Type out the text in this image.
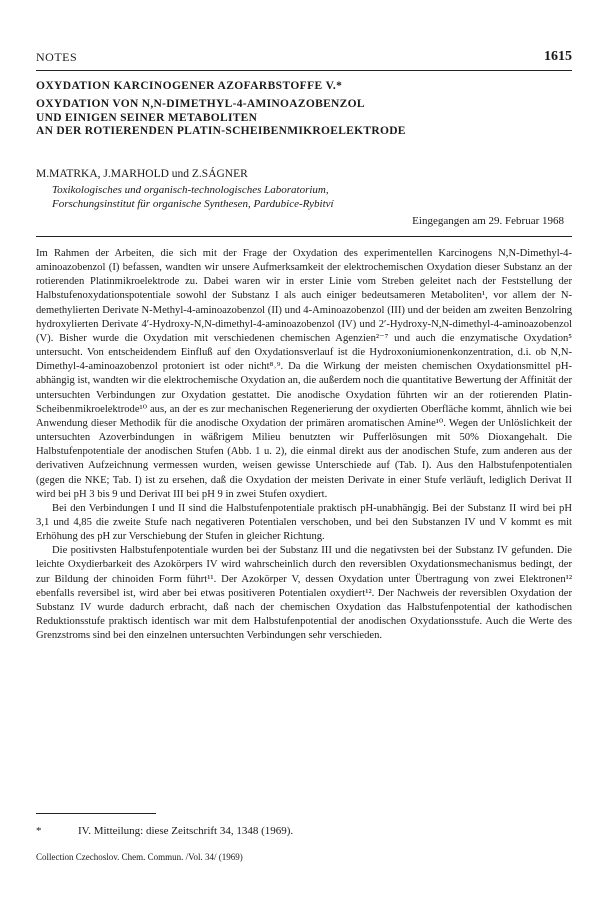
NOTES	1615

OXYDATION KARCINOGENER AZOFARBSTOFFE V.*

OXYDATION VON N,N-DIMETHYL-4-AMINOAZOBENZOL

UND EINIGEN SEINER METABOLITEN

AN DER ROTIERENDEN PLATIN-SCHEIBENMIKROELEKTRODE

M.MATRKA, J.MARHOLD und Z.SÁGNER
Toxikologisches und organisch-technologisches Laboratorium,
Forschungsinstitut für organische Synthesen, Pardubice-Rybitví
Eingegangen am 29. Februar 1968

Im Rahmen der Arbeiten, die sich mit der Frage der Oxydation des experimentellen Karcinogens N,N-Dimethyl-4-aminoazobenzol (I) befassen, wandten wir unsere Aufmerksamkeit der elektrochemischen Oxydation dieser Substanz an der rotierenden Platinmikroelektrode zu. Dabei waren wir in erster Linie vom Streben geleitet nach der Feststellung der Halbstufenoxydationspotentiale sowohl der Substanz I als auch einiger bedeutsameren Metaboliten¹, vor allem der N-demethylierten Derivate N-Methyl-4-aminoazobenzol (II) und 4-Aminoazobenzol (III) und der beiden am zweiten Benzolring hydroxylierten Derivate 4′-Hydroxy-N,N-dimethyl-4-aminoazobenzol (IV) und 2′-Hydroxy-N,N-dimethyl-4-aminoazobenzol (V). Bisher wurde die Oxydation mit verschiedenen chemischen Agenzien²⁻⁷ und auch die enzymatische Oxydation⁵ untersucht. Von entscheidendem Einfluß auf den Oxydationsverlauf ist die Hydroxoniumionenkonzentration, d.i. ob N,N-Dimethyl-4-aminoazobenzol protoniert ist oder nicht⁸˒⁹. Da die Wirkung der meisten chemischen Oxydationsmittel pH-abhängig ist, wandten wir die elektrochemische Oxydation an, die außerdem noch die quantitative Bewertung der Affinität der untersuchten Verbindungen zur Oxydation gestattet. Die anodische Oxydation führten wir an der rotierenden Platin-Scheibenmikroelektrode¹⁰ aus, an der es zur mechanischen Regenerierung der oxydierten Oberfläche kommt, ähnlich wie bei Anwendung dieser Methodik für die anodische Oxydation der primären aromatischen Amine¹⁰. Wegen der Unlöslichkeit der untersuchten Azoverbindungen in wäßrigem Milieu benutzten wir Pufferlösungen mit 50% Dioxangehalt. Die Halbstufenpotentiale der anodischen Stufen (Abb. 1 u. 2), die einmal direkt aus der anodischen Stufe, zum anderen aus der derivativen Aufzeichnung vermessen wurden, weisen gewisse Unterschiede auf (Tab. I). Aus den Halbstufenpotentialen (gegen die NKE; Tab. I) ist zu ersehen, daß die Oxydation der meisten Derivate in einer Stufe verläuft, lediglich Derivat II wird bei pH 3 bis 9 und Derivat III bei pH 9 in zwei Stufen oxydiert.

Bei den Verbindungen I und II sind die Halbstufenpotentiale praktisch pH-unabhängig. Bei der Substanz II wird bei pH 3,1 und 4,85 die zweite Stufe nach negativeren Potentialen verschoben, und bei den Substanzen IV und V kommt es mit Erhöhung des pH zur Verschiebung der Stufen in gleicher Richtung.

Die positivsten Halbstufenpotentiale wurden bei der Substanz III und die negativsten bei der Substanz IV gefunden. Die leichte Oxydierbarkeit des Azokörpers IV wird wahrscheinlich durch den reversiblen Oxydationsmechanismus bedingt, der zur Bildung der chinoiden Form führt¹¹. Der Azokörper V, dessen Oxydation unter Übertragung von zwei Elektronen¹² ebenfalls reversibel ist, wird aber bei etwas positiveren Potentialen oxydiert¹². Der Nachweis der reversiblen Oxydation der Substanz IV wurde dadurch erbracht, daß nach der chemischen Oxydation das Halbstufenpotential der kathodischen Reduktionsstufe praktisch identisch war mit dem Halbstufenpotential der anodischen Oxydationsstufe. Auch die Werte des Grenzstroms sind bei den einzelnen untersuchten Verbindungen sehr verschieden.

*	IV. Mitteilung: diese Zeitschrift 34, 1348 (1969).
Collection Czechoslov. Chem. Commun. /Vol. 34/ (1969)
